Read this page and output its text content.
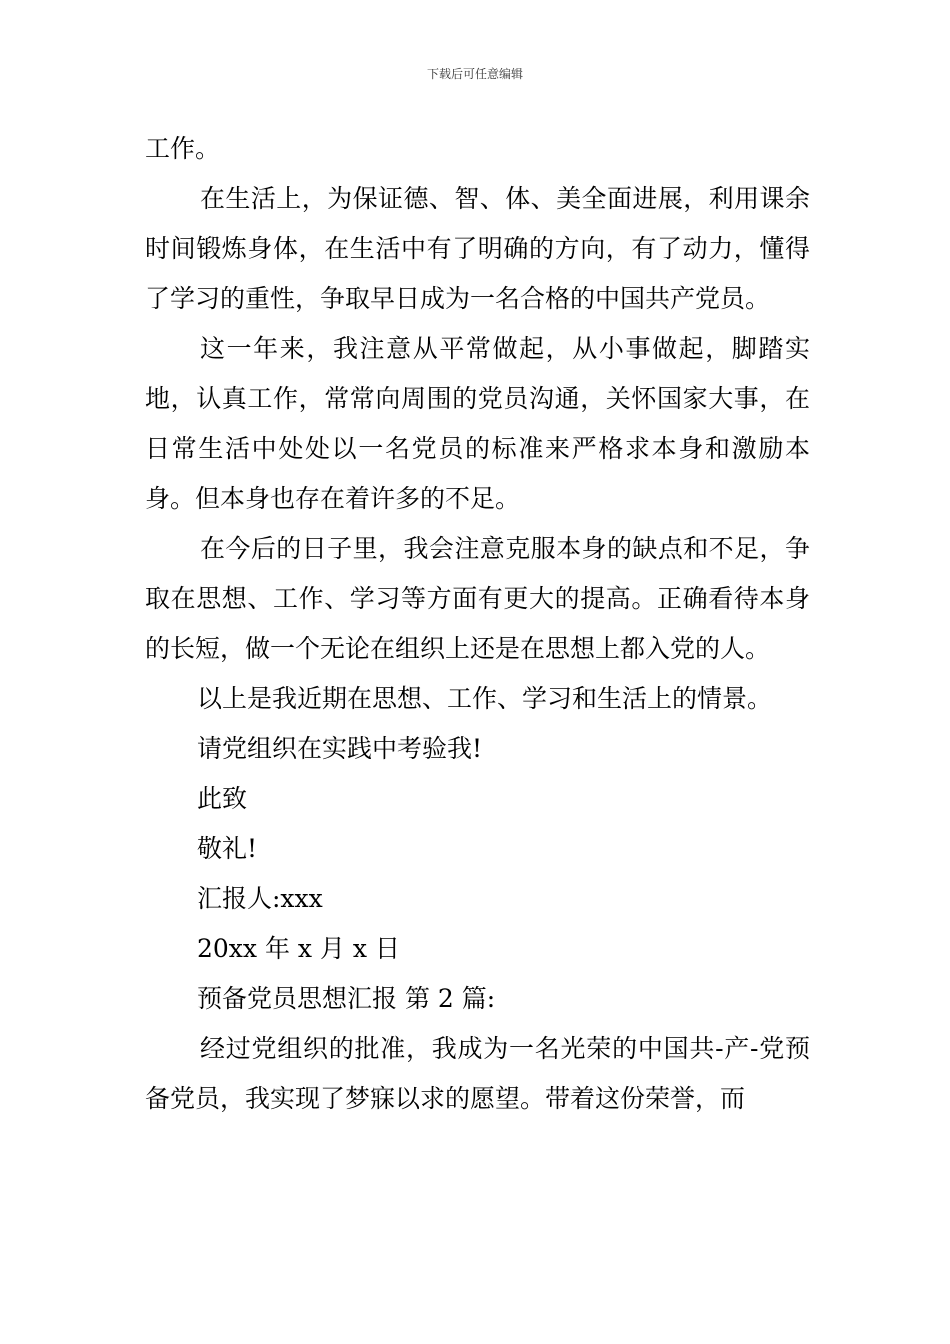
下载后可任意编辑

工作。

在生活上，为保证德、智、体、美全面进展，利用课余时间锻炼身体，在生活中有了明确的方向，有了动力，懂得了学习的重性，争取早日成为一名合格的中国共产党员。

这一年来，我注意从平常做起，从小事做起，脚踏实地，认真工作，常常向周围的党员沟通，关怀国家大事，在日常生活中处处以一名党员的标准来严格求本身和激励本身。但本身也存在着许多的不足。

在今后的日子里，我会注意克服本身的缺点和不足，争取在思想、工作、学习等方面有更大的提高。正确看待本身的长短，做一个无论在组织上还是在思想上都入党的人。

以上是我近期在思想、工作、学习和生活上的情景。

请党组织在实践中考验我!

此致

敬礼!

汇报人:xxx

20xx 年 x 月 x 日

预备党员思想汇报 第 2 篇:

经过党组织的批准，我成为一名光荣的中国共-产-党预备党员，我实现了梦寐以求的愿望。带着这份荣誉，而
